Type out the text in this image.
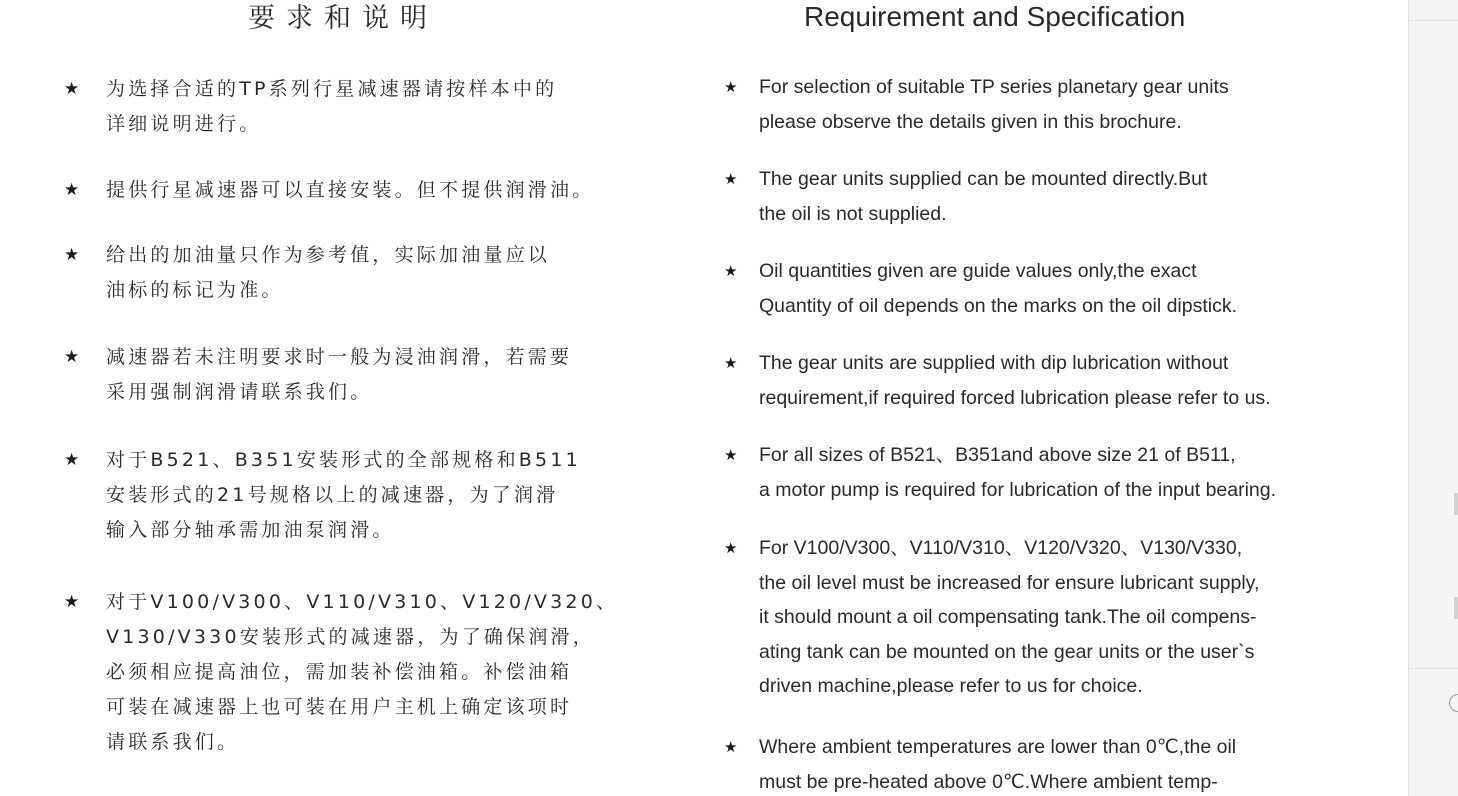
要求和说明
★ 为选择合适的TP系列行星减速器请按样本中的
详细说明进行。
★ 提供行星减速器可以直接安装。但不提供润滑油。
★ 给出的加油量只作为参考值，实际加油量应以
油标的标记为准。
★ 减速器若未注明要求时一般为浸油润滑，若需要
采用强制润滑请联系我们。
★ 对于B521、B351安装形式的全部规格和B511
安装形式的21号规格以上的减速器，为了润滑
输入部分轴承需加油泵润滑。
★ 对于V100/V300、V110/V310、V120/V320、
V130/V330安装形式的减速器，为了确保润滑，
必须相应提高油位，需加装补偿油箱。补偿油箱
可装在减速器上也可装在用户主机上确定该项时
请联系我们。
Requirement and Specification
★ For selection of suitable TP series planetary gear units
please observe the details given in this brochure.
★ The gear units supplied can be mounted directly.But
the oil is not supplied.
★ Oil quantities given are guide values only,the exact
Quantity of oil depends on the marks on the oil dipstick.
★ The gear units are supplied with dip lubrication without
requirement,if required forced lubrication please refer to us.
★ For all sizes of B521、B351and above size 21 of B511,
a motor pump is required for lubrication of the input bearing.
★ For V100/V300、V110/V310、V120/V320、V130/V330,
the oil level must be increased for ensure lubricant supply,
it should mount a oil compensating tank.The oil compens-
ating tank can be mounted on the gear units or the user`s
driven machine,please refer to us for choice.
★ Where ambient temperatures are lower than 0℃,the oil
must be pre-heated above 0℃.Where ambient temp-
